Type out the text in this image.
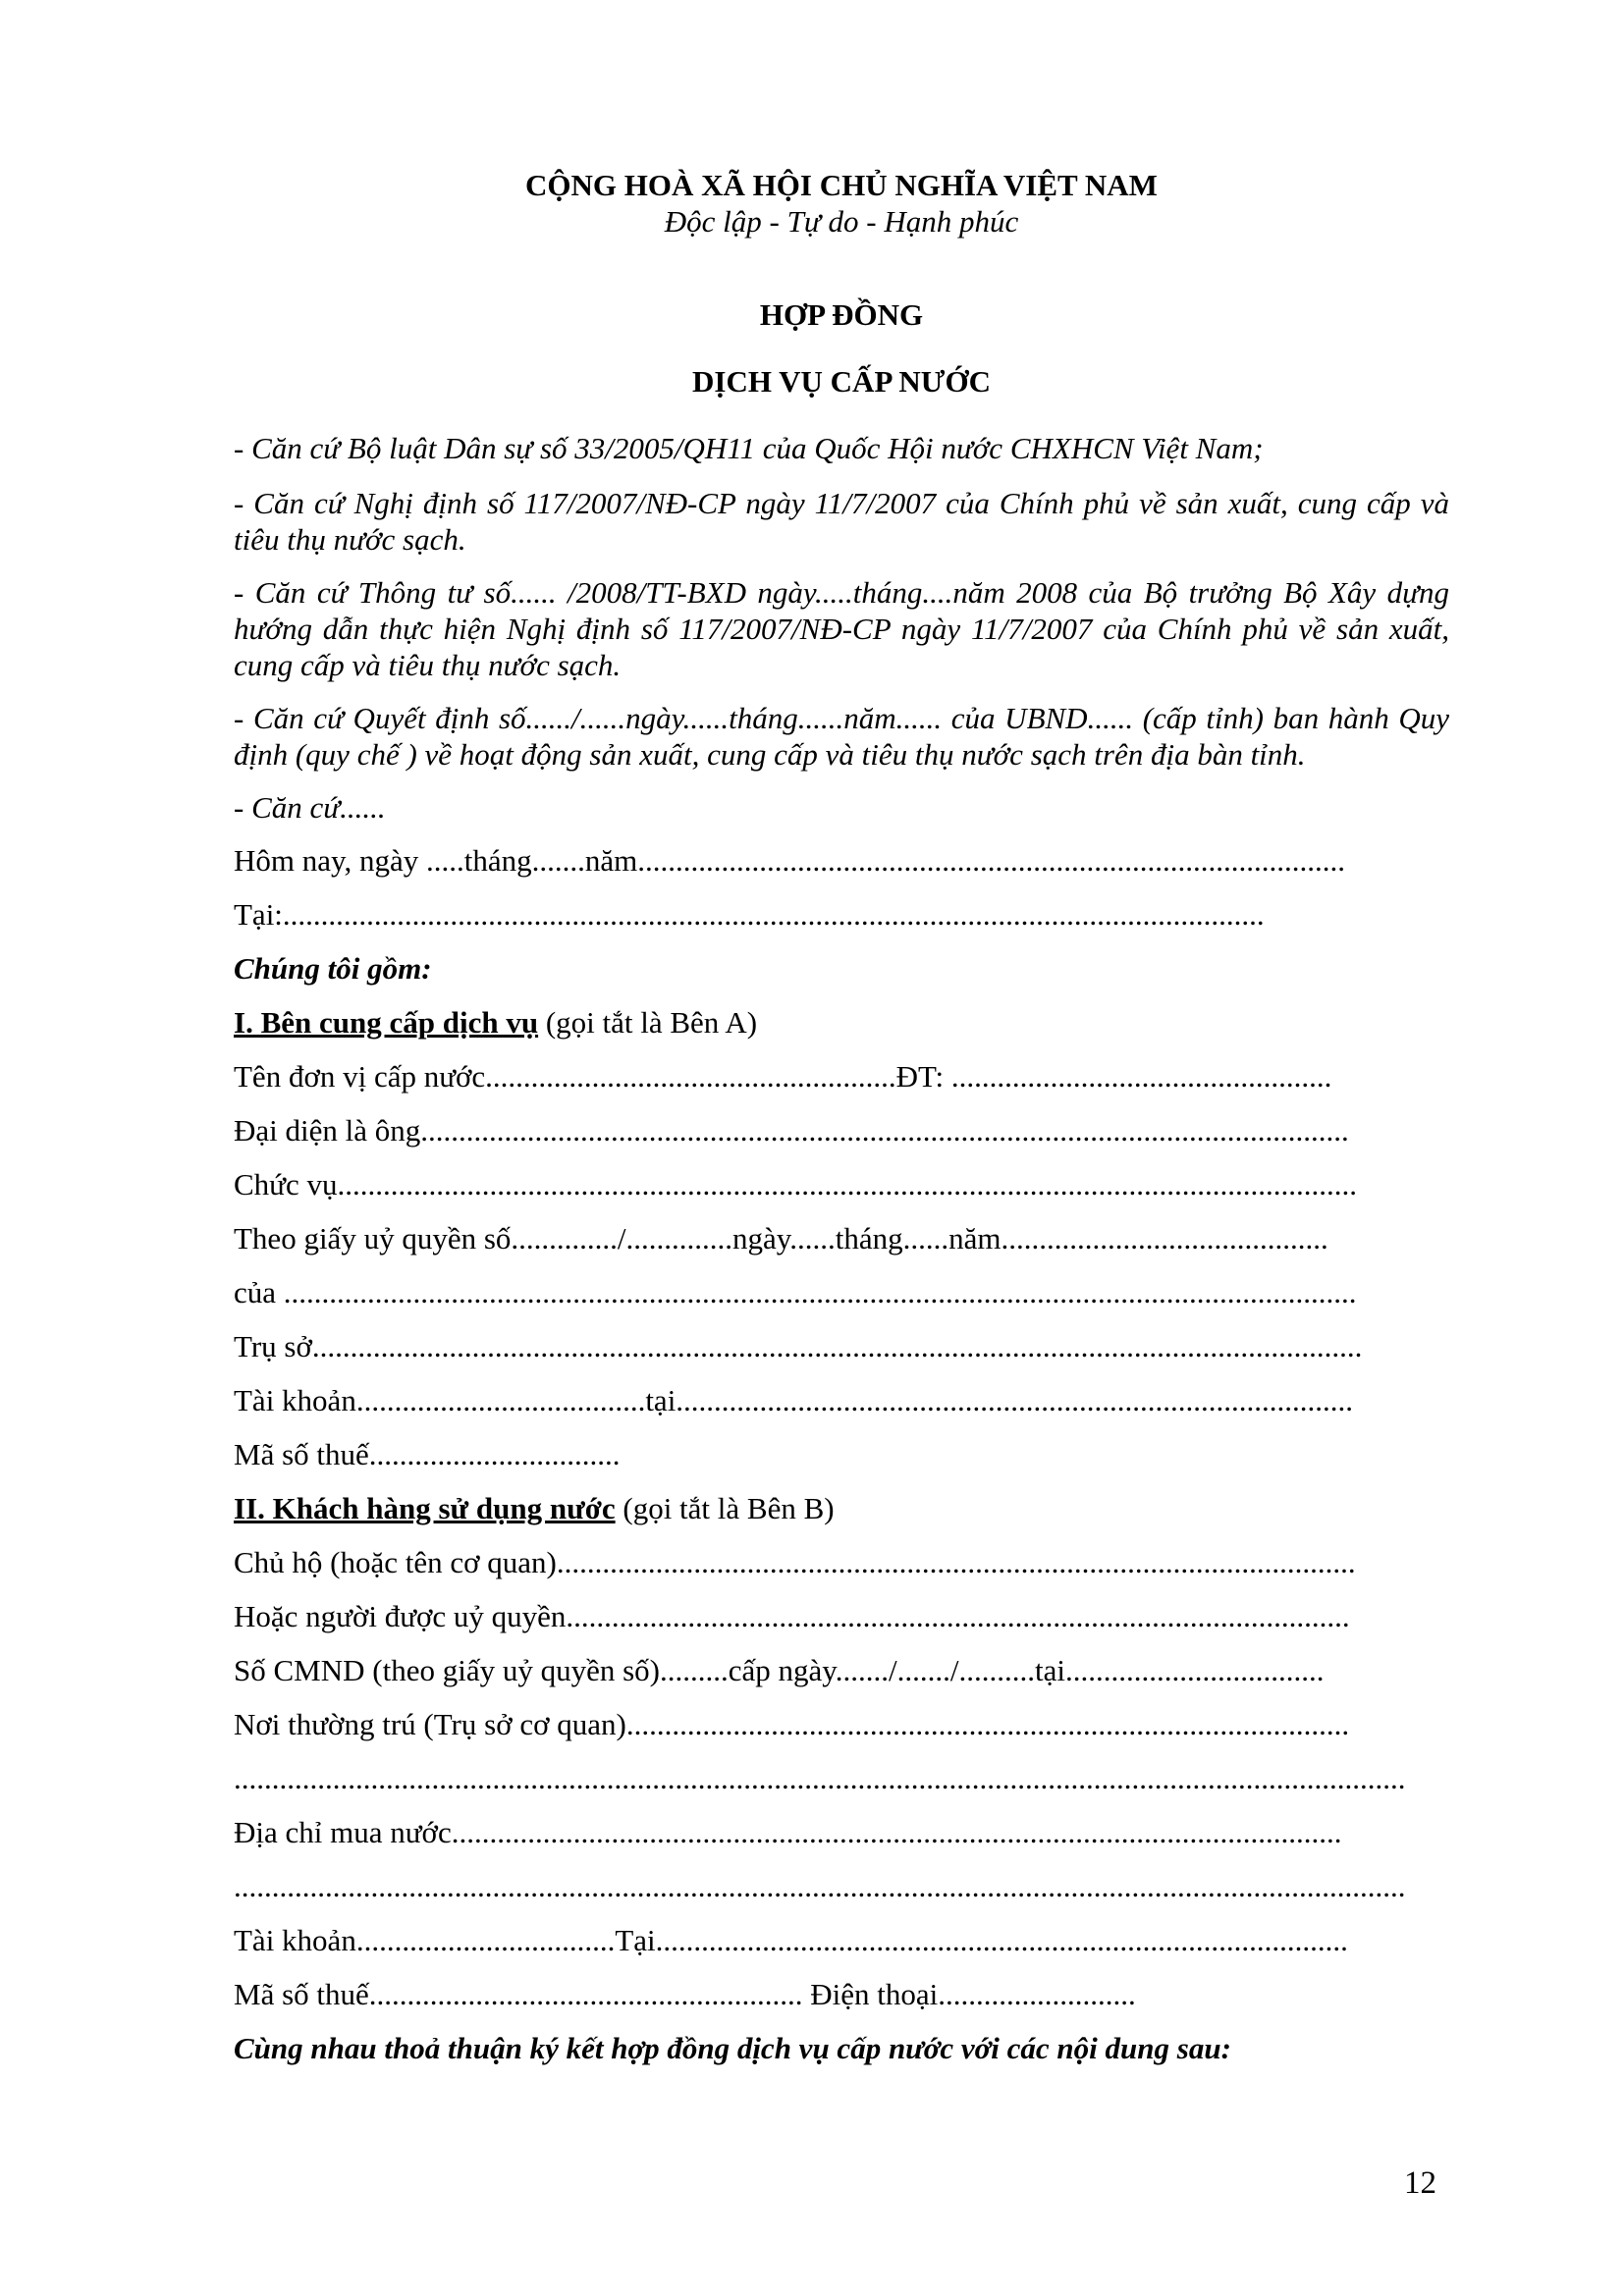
CỘNG HOÀ XÃ HỘI CHỦ NGHĨA VIỆT NAM

Độc lập - Tự do - Hạnh phúc

HỢP ĐỒNG

DỊCH VỤ CẤP NƯỚC

- Căn cứ Bộ luật Dân sự số 33/2005/QH11 của Quốc Hội nước CHXHCN Việt Nam;

- Căn cứ Nghị định số 117/2007/NĐ-CP ngày 11/7/2007 của Chính phủ về sản xuất, cung cấp và tiêu thụ nước sạch.

- Căn cứ Thông tư số...... /2008/TT-BXD ngày.....tháng....năm 2008 của Bộ trưởng Bộ Xây dựng hướng dẫn thực hiện Nghị định số 117/2007/NĐ-CP ngày 11/7/2007 của Chính phủ về sản xuất, cung cấp và tiêu thụ nước sạch.

- Căn cứ Quyết định số....../......ngày......tháng......năm...... của UBND...... (cấp tỉnh) ban hành Quy định (quy chế ) về hoạt động sản xuất, cung cấp và tiêu thụ nước sạch trên địa bàn tỉnh.

- Căn cứ......

Hôm nay, ngày .....tháng.......năm.............................................................................................

Tại:.................................................................................................................................

Chúng tôi gồm:

I. Bên cung cấp dịch vụ (gọi tắt là Bên A)

Tên đơn vị cấp nước......................................................ĐT: ..................................................

Đại diện là ông..........................................................................................................................

Chức vụ......................................................................................................................................

Theo giấy uỷ quyền số............../..............ngày......tháng......năm...........................................

của .............................................................................................................................................

Trụ sở..........................................................................................................................................

Tài khoản......................................tại.........................................................................................

Mã số thuế.................................

II. Khách hàng sử dụng nước (gọi tắt là Bên B)

Chủ hộ (hoặc tên cơ quan).........................................................................................................

Hoặc người được uỷ quyền.......................................................................................................

Số CMND (theo giấy uỷ quyền số).........cấp ngày......./......./..........tại..................................

Nơi thường trú (Trụ sở cơ quan)...............................................................................................

..........................................................................................................................................................

Địa chỉ mua nước.....................................................................................................................

..........................................................................................................................................................

Tài khoản..................................Tại...........................................................................................

Mã số thuế......................................................... Điện thoại..........................

Cùng nhau thoả thuận ký kết hợp đồng dịch vụ cấp nước với các nội dung sau:

12
